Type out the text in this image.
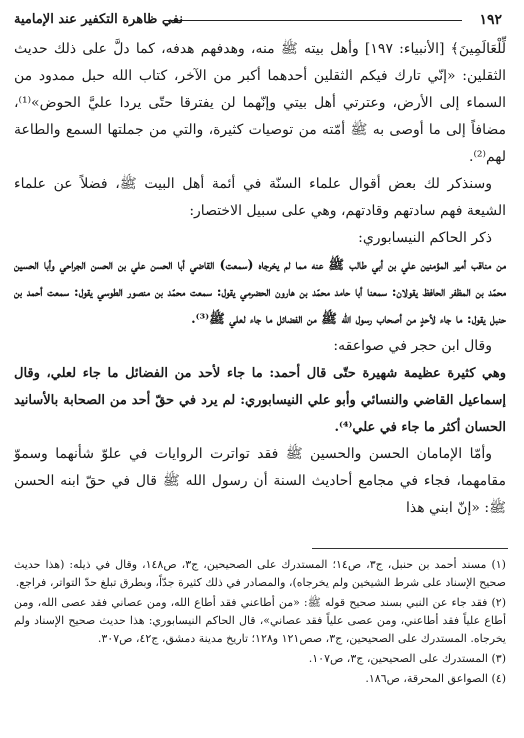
١٩٢
نفي ظاهرة التكفير عند الإمامية

لِّلْعَالَمِينَ﴾ [الأنبياء: ١٩٧] وأهل بيته ﷺ منه، وهدفهم هدفه، كما دلَّ على ذلك حديث الثقلين: «إنّي تارك فيكم الثقلين أحدهما أكبر من الآخر، كتاب الله حبل ممدود من السماء إلى الأرض، وعترتي أهل بيتي وإنّهما لن يفترقا حتّى يردا عليَّ الحوض»⁽¹⁾، مضافاً إلى ما أوصى به ﷺ أمّته من توصيات كثيرة، والتي من جملتها السمع والطاعة لهم⁽²⁾.

وسنذكر لك بعض أقوال علماء السنّة في أئمة أهل البيت ﷺ، فضلاً عن علماء الشيعة فهم سادتهم وقادتهم، وهي على سبيل الاختصار:

ذكر الحاكم النيسابوري:

من مناقب أمير المؤمنين علي بن أبي طالب ﷺ عنه مما لم يخرجاه (سمعت) القاضي أبا الحسن علي بن الحسن الجراحي وأبا الحسين محمّد بن المظفر الحافظ يقولان: سمعنا أبا حامد محمّد بن هارون الحضرمي يقول: سمعت محمّد بن منصور الطوسي يقول: سمعت أحمد بن حنبل يقول: ما جاء لأحدٍ من أصحاب رسول الله ﷺ من الفضائل ما جاء لعلي ﷺ⁽³⁾.

وقال ابن حجر في صواعقه:

وهي كثيرة عظيمة شهيرة حتّى قال أحمد: ما جاء لأحد من الفضائل ما جاء لعلي، وقال إسماعيل القاضي والنسائي وأبو علي النيسابوري: لم يرد في حقّ أحد من الصحابة بالأسانيد الحسان أكثر ما جاء في علي⁽⁴⁾.

وأمّا الإمامان الحسن والحسين ﷺ فقد تواترت الروايات في علوّ شأنهما وسموّ مقامهما، فجاء في مجامع أحاديث السنة أن رسول الله ﷺ قال في حقّ ابنه الحسن ﷺ: «إنّ ابني هذا

(١) مسند أحمد بن حنبل، ج٣، ص١٤؛ المستدرك على الصحيحين، ج٣، ص١٤٨، وقال في ذيله: (هذا حديث صحيح الإسناد على شرط الشيخين ولم يخرجاه)، والمصادر في ذلك كثيرة جدّاً، وبطرق تبلغ حدّ التواتر، فراجع.

(٢) فقد جاء عن النبي بسند صحيح قوله ﷺ: «من أطاعني فقد أطاع الله، ومن عصاني فقد عصى الله، ومن أطاع علياً فقد أطاعني، ومن عصى علياً فقد عصاني»، قال الحاكم النيسابوري: هذا حديث صحيح الإسناد ولم يخرجاه. المستدرك على الصحيحين، ج٣، صص١٢١ و١٢٨؛ تاريخ مدينة دمشق، ج٤٢، ص٣٠٧.

(٣) المستدرك على الصحيحين، ج٣، ص١٠٧.

(٤) الصواعق المحرقة، ص١٨٦.
